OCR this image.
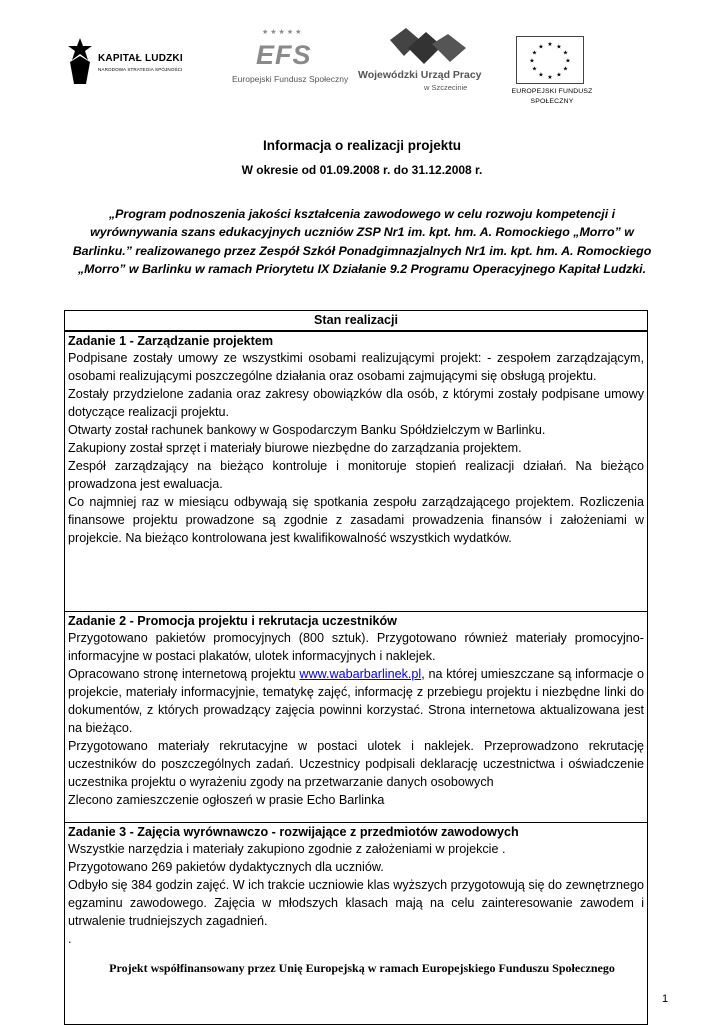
KAPITAŁ LUDZKI
NARODOWA STRATEGIA SPÓJNOŚCI
★★★★★
EFS
Europejski Fundusz Społeczny Wojewódzki Urząd Pracy
w Szczecinie
★ ★
★
★
★
★
★
★
★
★
★
★
EUROPEJSKI FUNDUSZ
SPOŁECZNY
Informacja o realizacji projektu
W okresie od 01.09.2008 r. do 31.12.2008 r.
„Program podnoszenia jakości kształcenia zawodowego w celu rozwoju kompetencji i wyrównywania szans edukacyjnych uczniów ZSP Nr1 im. kpt. hm. A. Romockiego „Morro” w Barlinku.” realizowanego przez Zespół Szkół Ponadgimnazjalnych Nr1 im. kpt. hm. A. Romockiego „Morro” w Barlinku w ramach Priorytetu IX Działanie 9.2 Programu Operacyjnego Kapitał Ludzki.
Stan realizacji
Zadanie 1 - Zarządzanie projektem

Podpisane zostały umowy ze wszystkimi osobami realizującymi projekt: - zespołem zarządzającym, osobami realizującymi poszczególne działania oraz osobami zajmującymi się obsługą projektu.

Zostały przydzielone zadania oraz zakresy obowiązków dla osób, z którymi zostały podpisane umowy dotyczące realizacji projektu.

Otwarty został rachunek bankowy w Gospodarczym Banku Spółdzielczym w Barlinku.

Zakupiony został sprzęt i materiały biurowe niezbędne do zarządzania projektem.

Zespół zarządzający na bieżąco kontroluje i monitoruje stopień realizacji działań. Na bieżąco prowadzona jest ewaluacja.

Co najmniej raz w miesiącu odbywają się spotkania zespołu zarządzającego projektem. Rozliczenia finansowe projektu prowadzone są zgodnie z zasadami prowadzenia finansów i założeniami w projekcie. Na bieżąco kontrolowana jest kwalifikowalność wszystkich wydatków.

Zadanie 2 - Promocja projektu i rekrutacja uczestników

Przygotowano pakietów promocyjnych (800 sztuk). Przygotowano również materiały promocyjno-informacyjne w postaci plakatów, ulotek informacyjnych i naklejek.

Opracowano stronę internetową projektu www.wabarbarlinek.pl, na której umieszczane są informacje o projekcie, materiały informacyjnie, tematykę zajęć, informację z przebiegu projektu i niezbędne linki do dokumentów, z których prowadzący zajęcia powinni korzystać. Strona internetowa aktualizowana jest na bieżąco.

Przygotowano materiały rekrutacyjne w postaci ulotek i naklejek. Przeprowadzono rekrutację uczestników do poszczególnych zadań. Uczestnicy podpisali deklarację uczestnictwa i oświadczenie uczestnika projektu o wyrażeniu zgody na przetwarzanie danych osobowych

Zlecono zamieszczenie ogłoszeń w prasie Echo Barlinka

Zadanie 3 - Zajęcia wyrównawczo - rozwijające z przedmiotów zawodowych

Wszystkie narzędzia i materiały zakupiono zgodnie z założeniami w projekcie .

Przygotowano 269 pakietów dydaktycznych dla uczniów.

Odbyło się 384 godzin zajęć. W ich trakcie uczniowie klas wyższych przygotowują się do zewnętrznego egzaminu zawodowego. Zajęcia w młodszych klasach mają na celu zainteresowanie zawodem i utrwalenie trudniejszych zagadnień.

.

Projekt współfinansowany przez Unię Europejską w ramach Europejskiego Funduszu Społecznego
1
